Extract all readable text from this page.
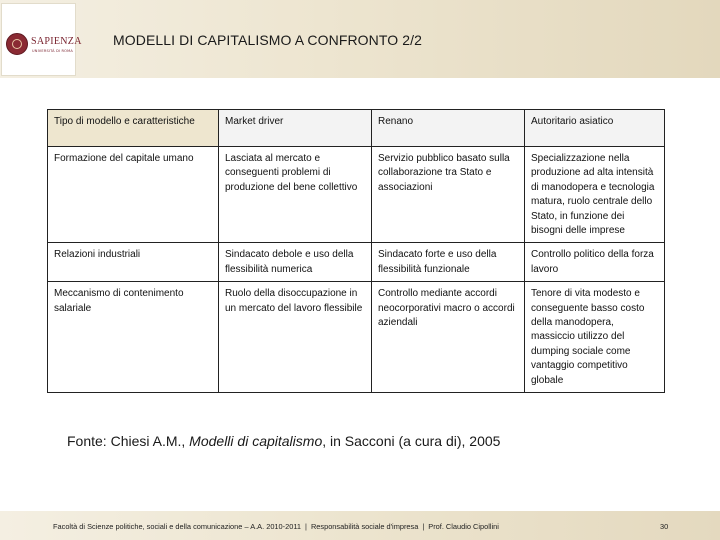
SAPIENZA
UNIVERSITÀ DI ROMA
MODELLI DI CAPITALISMO A CONFRONTO 2/2
Tipo di modello e caratteristiche	Market driver	Renano	Autoritario asiatico
Formazione del capitale umano	Lasciata al mercato e conseguenti problemi di produzione del bene collettivo	Servizio pubblico basato sulla collaborazione tra Stato e associazioni	Specializzazione nella produzione ad alta intensità di manodopera e tecnologia matura, ruolo centrale dello Stato, in funzione dei bisogni delle imprese
Relazioni industriali	Sindacato debole e uso della flessibilità numerica	Sindacato forte e uso della flessibilità funzionale	Controllo politico della forza lavoro
Meccanismo di contenimento salariale	Ruolo della disoccupazione in un mercato del lavoro flessibile	Controllo mediante accordi neocorporativi macro o accordi aziendali	Tenore di vita modesto e conseguente basso costo della manodopera, massiccio utilizzo del dumping sociale come vantaggio competitivo globale
Fonte: Chiesi A.M., Modelli di capitalismo, in Sacconi (a cura di), 2005
Facoltà di Scienze politiche, sociali e della comunicazione – A.A. 2010-2011 | Responsabilità sociale d'impresa | Prof. Claudio Cipollini	30
